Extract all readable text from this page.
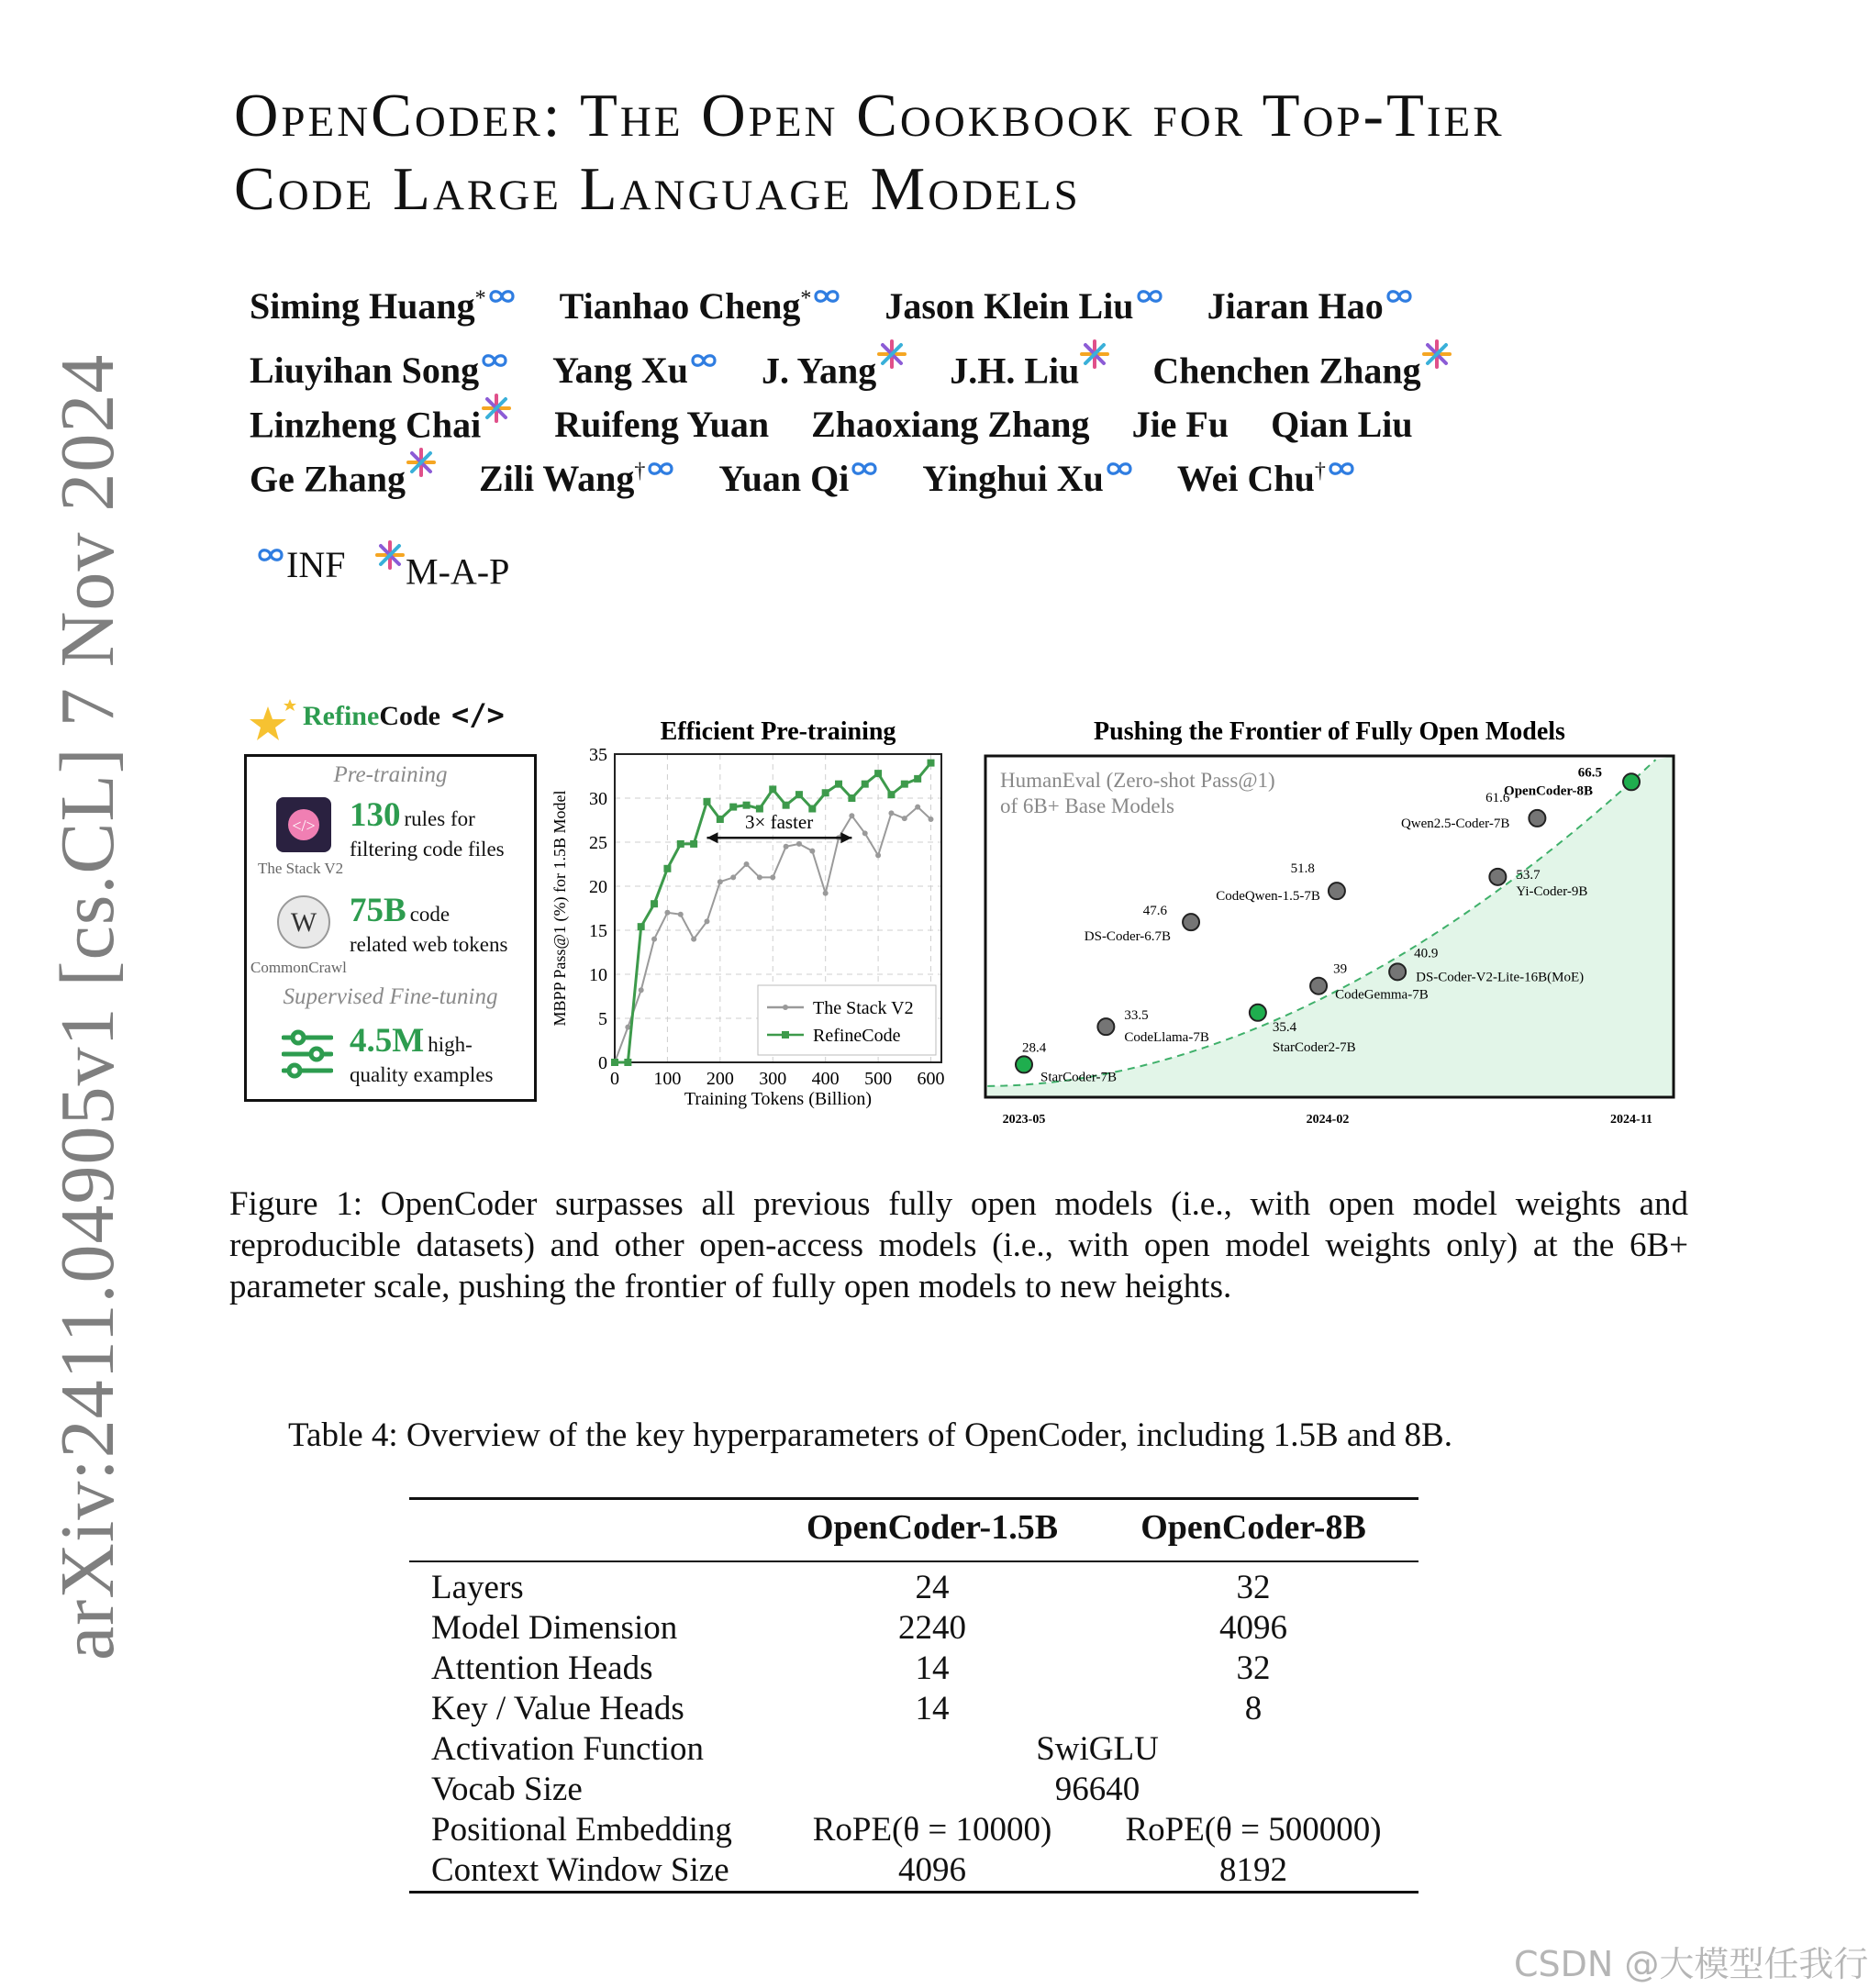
arXiv:2411.04905v1 [cs.CL] 7 Nov 2024
OpenCoder: The Open Cookbook for Top-Tier
Code Large Language Models
Siming Huang* Tianhao Cheng* Jason Klein Liu Jiaran Hao
Liuyihan Song Yang Xu J. Yang J.H. Liu Chenchen Zhang
Linzheng Chai Ruifeng Yuan Zhaoxiang Zhang Jie Fu Qian Liu
Ge Zhang Zili Wang† Yuan Qi Yinghui Xu Wei Chu†
INF	M-A-P
RefineCode </>
Pre-training
</> 130 rules for
filtering code files
The Stack V2
W 75B code
related web tokens
CommonCrawl
Supervised Fine-tuning
4.5M high-
quality examples
Efficient Pre-training
0
5
10
15
20
25
30
35
0 100 200 300 400 500 600
Training Tokens (Billion)
MBPP Pass@1 (%) for 1.5B Model	3× faster
The Stack V2
RefineCode
Pushing the Frontier of Fully Open Models
HumanEval (Zero-shot Pass@1)
of 6B+ Base Models
2023-05	2024-02	2024-11
28.4
StarCoder-7B
33.5
CodeLlama-7B
47.6
DS-Coder-6.7B
35.4
StarCoder2-7B
39
CodeGemma-7B
51.8
CodeQwen-1.5-7B
40.9
DS-Coder-V2-Lite-16B(MoE)
53.7
Yi-Coder-9B
61.6
Qwen2.5-Coder-7B
66.5
OpenCoder-8B
Figure 1: OpenCoder surpasses all previous fully open models (i.e., with open model weights and reproducible datasets) and other open-access models (i.e., with open model weights only) at the 6B+ parameter scale, pushing the frontier of fully open models to new heights.
Table 4: Overview of the key hyperparameters of OpenCoder, including 1.5B and 8B.
	OpenCoder-1.5B	OpenCoder-8B
Layers	24	32
Model Dimension	2240	4096
Attention Heads	14	32
Key / Value Heads	14	8
Activation Function	SwiGLU	
Vocab Size	96640	
Positional Embedding	RoPE(θ = 10000)	RoPE(θ = 500000)
Context Window Size	4096	8192
CSDN @大模型任我行
